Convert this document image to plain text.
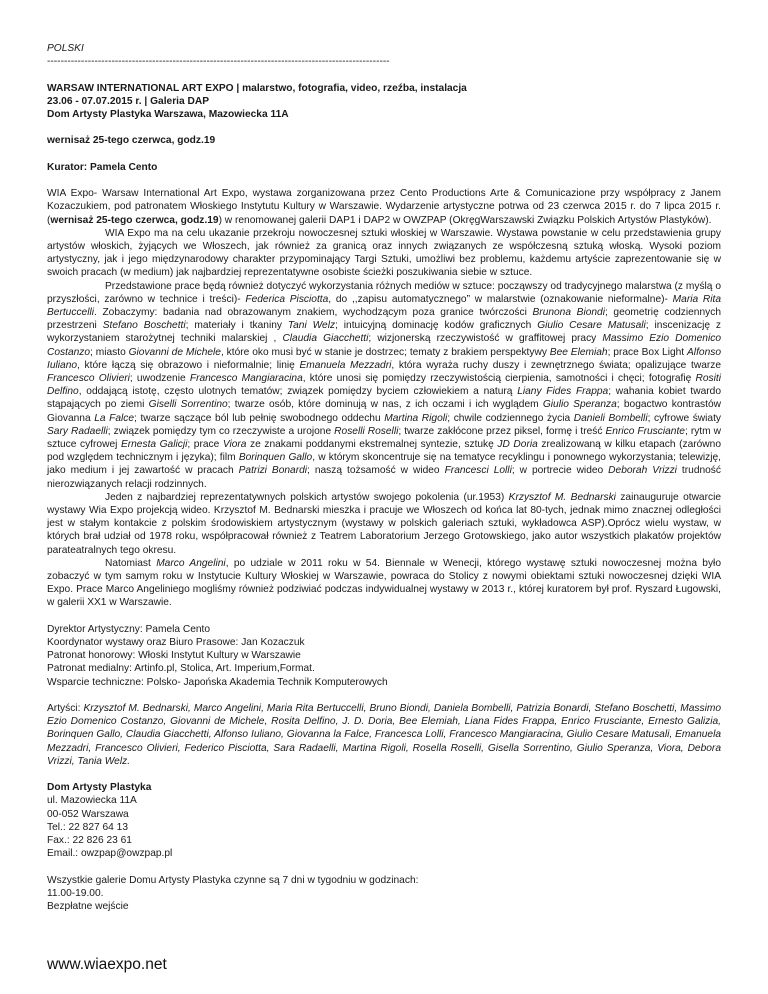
POLSKI
-----------------------------------------------------------------------------------------------------
WARSAW INTERNATIONAL ART EXPO | malarstwo, fotografia, video, rzeźba, instalacja
23.06 - 07.07.2015 r. | Galeria DAP
Dom Artysty Plastyka Warszawa, Mazowiecka 11A
wernisaż 25-tego czerwca, godz.19
Kurator: Pamela Cento

WIA Expo- Warsaw International Art Expo, wystawa zorganizowana przez Cento Productions Arte & Comunicazione przy współpracy z Janem Kozaczukiem, pod patronatem Włoskiego Instytutu Kultury w Warszawie. Wydarzenie artystyczne potrwa od 23 czerwca 2015 r. do 7 lipca 2015 r. (wernisaż 25-tego czerwca, godz.19) w renomowanej galerii DAP1 i DAP2 w OWZPAP (OkręgWarszawski Związku Polskich Artystów Plastyków).

WIA Expo ma na celu ukazanie przekroju nowoczesnej sztuki włoskiej w Warszawie. Wystawa powstanie w celu przedstawienia grupy artystów włoskich, żyjących we Włoszech, jak również za granicą oraz innych związanych ze współczesną sztuką włoską. Wysoki poziom artystyczny, jak i jego międzynarodowy charakter przypominający Targi Sztuki, umożliwi bez problemu, każdemu artyście zaprezentowanie się w swoich pracach (w medium) jak najbardziej reprezentatywne osobiste ścieżki poszukiwania siebie w sztuce.

Przedstawione prace będą również dotyczyć wykorzystania różnych mediów w sztuce: począwszy od tradycyjnego malarstwa (z myślą o przyszłości, zarówno w technice i treści)- Federica Pisciotta, do ,,zapisu automatycznego” w malarstwie (oznakowanie nieformalne)- Maria Rita Bertuccelli. Zobaczymy: badania nad obrazowanym znakiem, wychodzącym poza granice twórczości Brunona Biondi; geometrię codziennych przestrzeni Stefano Boschetti; materiały i tkaniny Tani Welz; intuicyjną dominację kodów graficznych Giulio Cesare Matusali; inscenizację z wykorzystaniem starożytnej techniki malarskiej , Claudia Giacchetti; wizjonerską rzeczywistość w graffitowej pracy Massimo Ezio Domenico Costanzo; miasto Giovanni de Michele, które oko musi być w stanie je dostrzec; tematy z brakiem perspektywy Bee Elemiah; prace Box Light Alfonso Iuliano, które łączą się obrazowo i nieformalnie; linię Emanuela Mezzadri, która wyraża ruchy duszy i zewnętrznego świata; opalizujące twarze Francesco Olivieri; uwodzenie Francesco Mangiaracina, które unosi się pomiędzy rzeczywistością cierpienia, samotności i chęci; fotografię Rositi Delfino, oddającą istotę, często ulotnych tematów; związek pomiędzy byciem człowiekiem a naturą Liany Fides Frappa; wahania kobiet twardo stąpających po ziemi Giselli Sorrentino; twarze osób, które dominują w nas, z ich oczami i ich wyglądem Giulio Speranza; bogactwo kontrastów Giovanna La Falce; twarze sączące ból lub pełnię swobodnego oddechu Martina Rigoli; chwile codziennego życia Danieli Bombelli; cyfrowe światy Sary Radaelli; związek pomiędzy tym co rzeczywiste a urojone Roselli Roselli; twarze zakłócone przez piksel, formę i treść Enrico Frusciante; rytm w sztuce cyfrowej Ernesta Galicji; prace Viora ze znakami poddanymi ekstremalnej syntezie, sztukę JD Doria zrealizowaną w kilku etapach (zarówno pod względem technicznym i języka); film Borinquen Gallo, w którym skoncentruje się na tematyce recyklingu i ponownego wykorzystania; telewizję, jako medium i jej zawartość w pracach Patrizi Bonardi; naszą tożsamość w wideo Francesci Lolli; w portrecie wideo Deborah Vrizzi trudność nierozwiązanych relacji rodzinnych.

Jeden z najbardziej reprezentatywnych polskich artystów swojego pokolenia (ur.1953) Krzysztof M. Bednarski zainauguruje otwarcie wystawy Wia Expo projekcją wideo. Krzysztof M. Bednarski mieszka i pracuje we Włoszech od końca lat 80-tych, jednak mimo znacznej odległości jest w stałym kontakcie z polskim środowiskiem artystycznym (wystawy w polskich galeriach sztuki, wykładowca ASP).Oprócz wielu wystaw, w których brał udział od 1978 roku, współpracował również z Teatrem Laboratorium Jerzego Grotowskiego, jako autor wszystkich plakatów projektów parateatralnych tego okresu.

Natomiast Marco Angelini, po udziale w 2011 roku w 54. Biennale w Wenecji, którego wystawę sztuki nowoczesnej można było zobaczyć w tym samym roku w Instytucie Kultury Włoskiej w Warszawie, powraca do Stolicy z nowymi obiektami sztuki nowoczesnej dzięki WIA Expo. Prace Marco Angeliniego mogliśmy również podziwiać podczas indywidualnej wystawy w 2013 r., której kuratorem był prof. Ryszard Ługowski, w galerii XX1 w Warszawie.

Dyrektor Artystyczny: Pamela Cento
Koordynator wystawy oraz Biuro Prasowe: Jan Kozaczuk
Patronat honorowy: Włoski Instytut Kultury w Warszawie
Patronat medialny: Artinfo.pl, Stolica, Art. Imperium,Format.
Wsparcie techniczne: Polsko- Japońska Akademia Technik Komputerowych

Artyści: Krzysztof M. Bednarski, Marco Angelini, Maria Rita Bertuccelli, Bruno Biondi, Daniela Bombelli, Patrizia Bonardi, Stefano Boschetti, Massimo Ezio Domenico Costanzo, Giovanni de Michele, Rosita Delfino, J. D. Doria, Bee Elemiah, Liana Fides Frappa, Enrico Frusciante, Ernesto Galizia, Borinquen Gallo, Claudia Giacchetti, Alfonso Iuliano, Giovanna la Falce, Francesca Lolli, Francesco Mangiaracina, Giulio Cesare Matusali, Emanuela Mezzadri, Francesco Olivieri, Federico Pisciotta, Sara Radaelli, Martina Rigoli, Rosella Roselli, Gisella Sorrentino, Giulio Speranza, Viora, Debora Vrizzi, Tania Welz.

Dom Artysty Plastyka
ul. Mazowiecka 11A
00-052 Warszawa
Tel.: 22 827 64 13
Fax.: 22 826 23 61
Email.: owzpap@owzpap.pl
Wszystkie galerie Domu Artysty Plastyka czynne są 7 dni w tygodniu w godzinach:
11.00-19.00.
Bezpłatne wejście
www.wiaexpo.net
